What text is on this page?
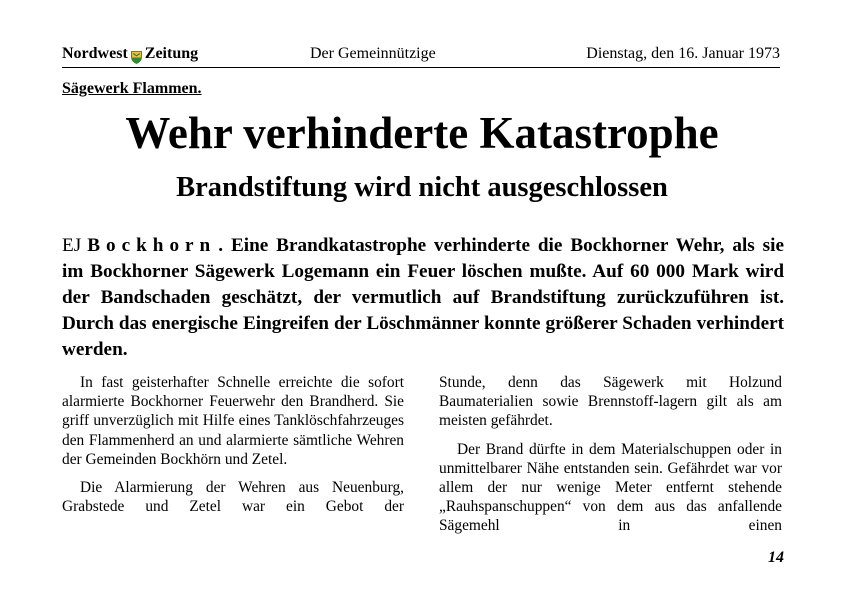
Nordwest Zeitung	Der Gemeinnützige	Dienstag, den 16. Januar 1973
Sägewerk Flammen.
Wehr verhinderte Katastrophe
Brandstiftung wird nicht ausgeschlossen
EJ Bockhorn . Eine Brandkatastrophe verhinderte die Bockhorner Wehr, als sie im Bockhorner Sägewerk Logemann ein Feuer löschen mußte. Auf 60 000 Mark wird der Bandschaden geschätzt, der vermutlich auf Brandstiftung zurückzuführen ist. Durch das energische Eingreifen der Löschmänner konnte größerer Schaden verhindert werden.

In fast geisterhafter Schnelle erreichte die sofort alarmierte Bockhorner Feuerwehr den Brandherd. Sie griff unverzüglich mit Hilfe eines Tanklöschfahrzeuges den Flammenherd an und alarmierte sämtliche Wehren der Gemeinden Bockhörn und Zetel.

Die Alarmierung der Wehren aus Neuenburg, Grabstede und Zetel war ein Gebot der

Stunde, denn das Sägewerk mit Holzund Baumaterialien sowie Brennstoff-lagern gilt als am meisten gefährdet.

Der Brand dürfte in dem Materialschuppen oder in unmittelbarer Nähe entstanden sein. Gefährdet war vor allem der nur wenige Meter entfernt stehende „Rauhspanschuppen“ von dem aus das anfallende Sägemehl in einen

14
